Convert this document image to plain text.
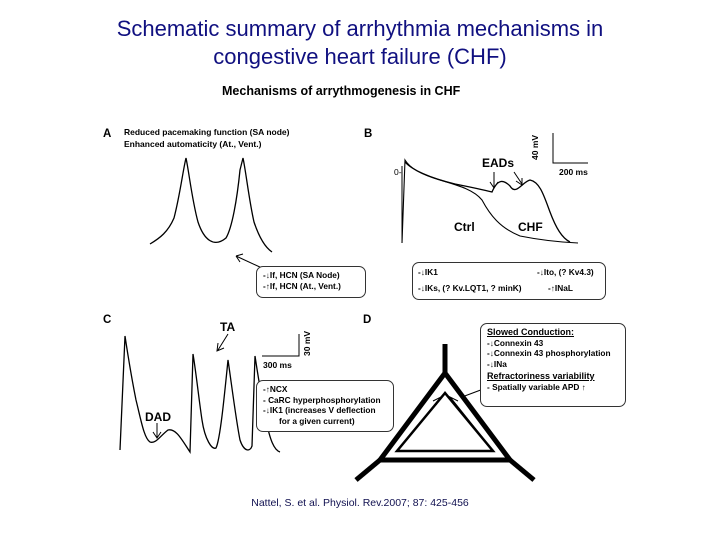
Schematic summary of arrhythmia mechanisms in
congestive heart failure (CHF)
Mechanisms of arrythmogenesis in CHF
A Reduced pacemaking function (SA node)
Enhanced automaticity (At., Vent.)
-↓If, HCN (SA Node)
-↑If, HCN (At., Vent.)
B
40 mV
200 ms
0-
EADs
Ctrl	CHF
-↓IK1
-↓IKs, (? Kv.LQT1, ? minK)
-↓Ito, (? Kv4.3)
-↑INaL
C	TA
DAD
30 mV
300 ms
-↑NCX
- CaRC hyperphosphorylation
-↓IK1 (increases V deflection
for a given current)
D
Slowed Conduction:
-↓Connexin 43
-↓Connexin 43 phosphorylation
-↓INa
Refractoriness variability
- Spatially variable APD ↑
Nattel, S. et al. Physiol. Rev.2007; 87: 425-456
